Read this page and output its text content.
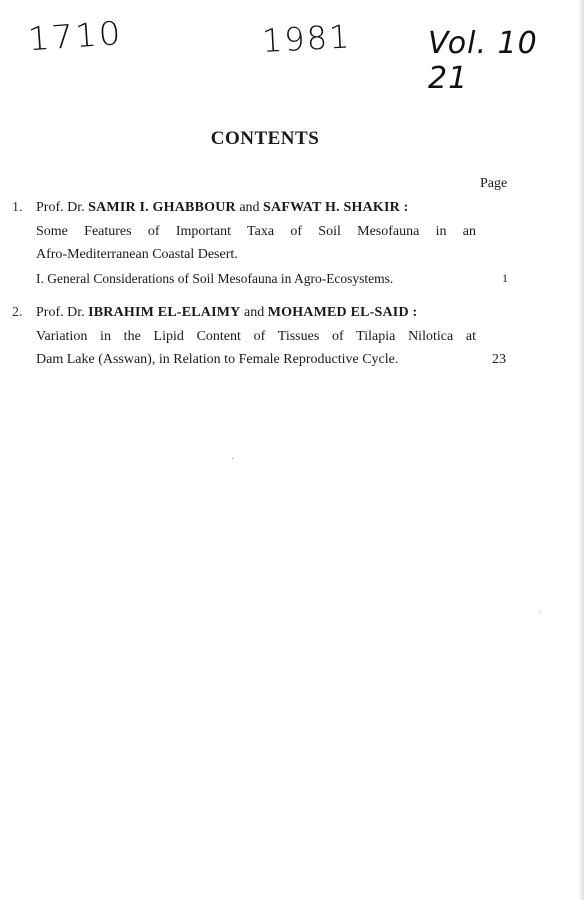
1710	1981	Vol. 10 21
CONTENTS
Page
1. Prof. Dr. SAMIR I. GHABBOUR and SAFWAT H. SHAKIR :
Some Features of Important Taxa of Soil Mesofauna in an
Afro-Mediterranean Coastal Desert.
I. General Considerations of Soil Mesofauna in Agro-Ecosystems.	1
2. Prof. Dr. IBRAHIM EL-ELAIMY and MOHAMED EL-SAID :
Variation in the Lipid Content of Tissues of Tilapia Nilotica at
Dam Lake (Asswan), in Relation to Female Reproductive Cycle.	23
